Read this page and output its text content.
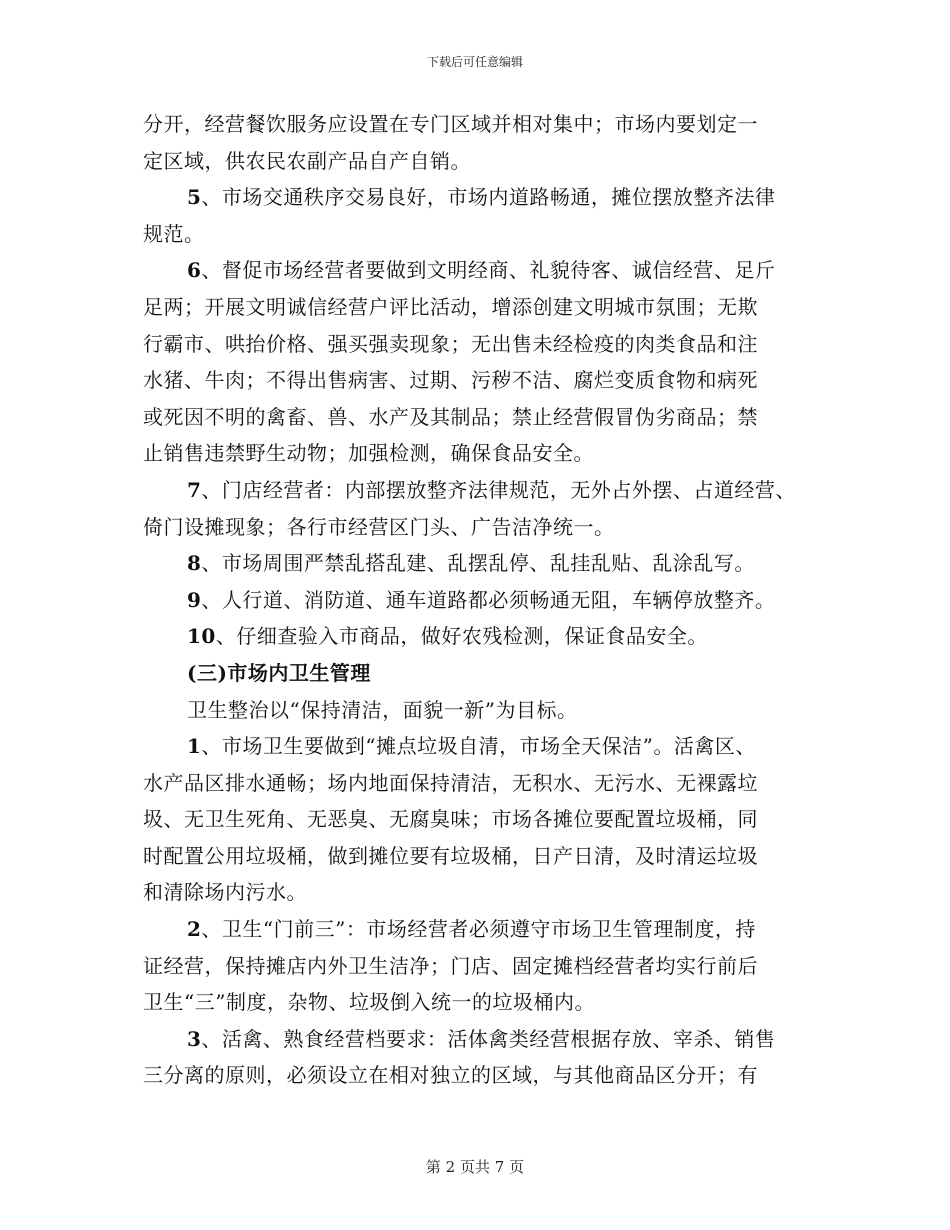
下载后可任意编辑

分开，经营餐饮服务应设置在专门区域并相对集中；市场内要划定一

定区域，供农民农副产品自产自销。

5、市场交通秩序交易良好，市场内道路畅通，摊位摆放整齐法律

规范。

6、督促市场经营者要做到文明经商、礼貌待客、诚信经营、足斤

足两；开展文明诚信经营户评比活动，增添创建文明城市氛围；无欺

行霸市、哄抬价格、强买强卖现象；无出售未经检疫的肉类食品和注

水猪、牛肉；不得出售病害、过期、污秽不洁、腐烂变质食物和病死

或死因不明的禽畜、兽、水产及其制品；禁止经营假冒伪劣商品；禁

止销售违禁野生动物；加强检测，确保食品安全。

7、门店经营者：内部摆放整齐法律规范，无外占外摆、占道经营、

倚门设摊现象；各行市经营区门头、广告洁净统一。

8、市场周围严禁乱搭乱建、乱摆乱停、乱挂乱贴、乱涂乱写。

9、人行道、消防道、通车道路都必须畅通无阻，车辆停放整齐。

10、仔细查验入市商品，做好农残检测，保证食品安全。

(三)市场内卫生管理

卫生整治以“保持清洁，面貌一新”为目标。

1、市场卫生要做到“摊点垃圾自清，市场全天保洁”。活禽区、

水产品区排水通畅；场内地面保持清洁，无积水、无污水、无裸露垃

圾、无卫生死角、无恶臭、无腐臭味；市场各摊位要配置垃圾桶，同

时配置公用垃圾桶，做到摊位要有垃圾桶，日产日清，及时清运垃圾

和清除场内污水。

2、卫生“门前三”：市场经营者必须遵守市场卫生管理制度，持

证经营，保持摊店内外卫生洁净；门店、固定摊档经营者均实行前后

卫生“三”制度，杂物、垃圾倒入统一的垃圾桶内。

3、活禽、熟食经营档要求：活体禽类经营根据存放、宰杀、销售

三分离的原则，必须设立在相对独立的区域，与其他商品区分开；有

第 2 页共 7 页
